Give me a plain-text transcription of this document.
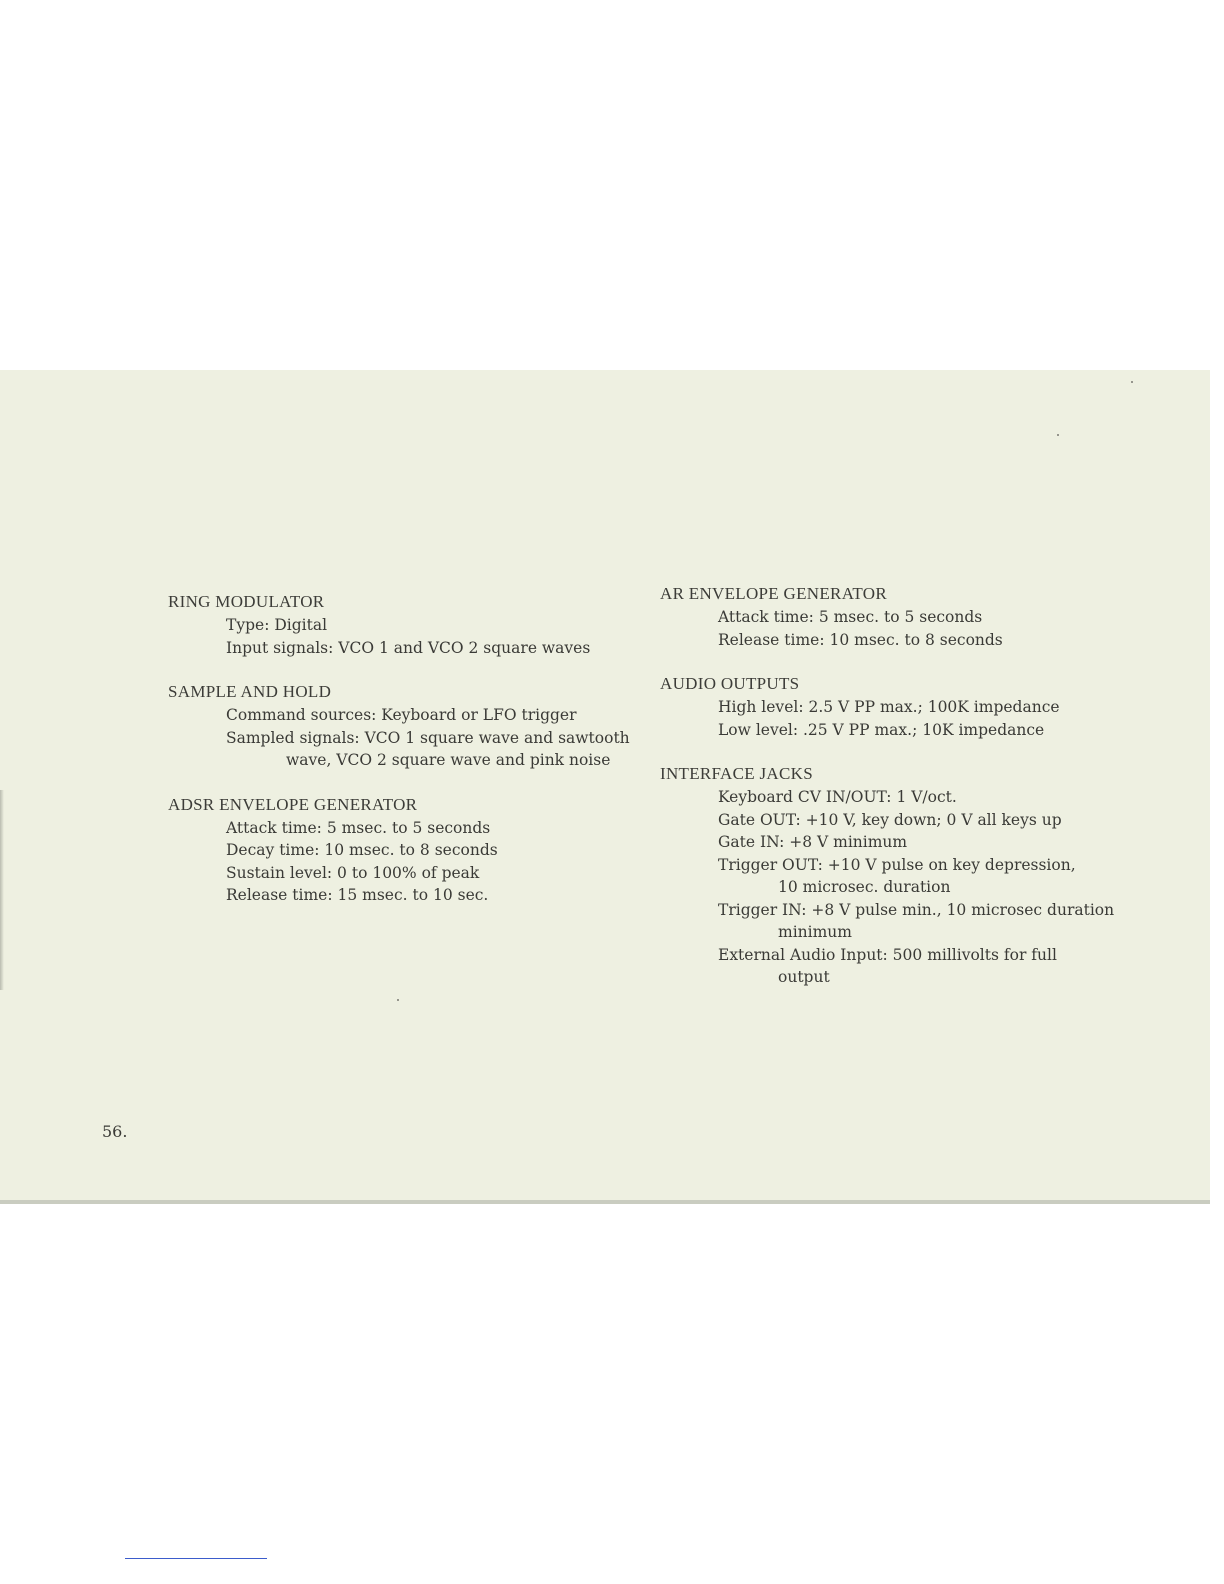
RING MODULATOR
Type: Digital
Input signals: VCO 1 and VCO 2 square waves
SAMPLE AND HOLD
Command sources: Keyboard or LFO trigger
Sampled signals: VCO 1 square wave and sawtooth
wave, VCO 2 square wave and pink noise
ADSR ENVELOPE GENERATOR
Attack time: 5 msec. to 5 seconds
Decay time: 10 msec. to 8 seconds
Sustain level: 0 to 100% of peak
Release time: 15 msec. to 10 sec.
AR ENVELOPE GENERATOR
Attack time: 5 msec. to 5 seconds
Release time: 10 msec. to 8 seconds
AUDIO OUTPUTS
High level: 2.5 V PP max.; 100K impedance
Low level: .25 V PP max.; 10K impedance
INTERFACE JACKS
Keyboard CV IN/OUT: 1 V/oct.
Gate OUT: +10 V, key down; 0 V all keys up
Gate IN: +8 V minimum
Trigger OUT: +10 V pulse on key depression,
10 microsec. duration
Trigger IN: +8 V pulse min., 10 microsec duration
minimum
External Audio Input: 500 millivolts for full
output
56.
